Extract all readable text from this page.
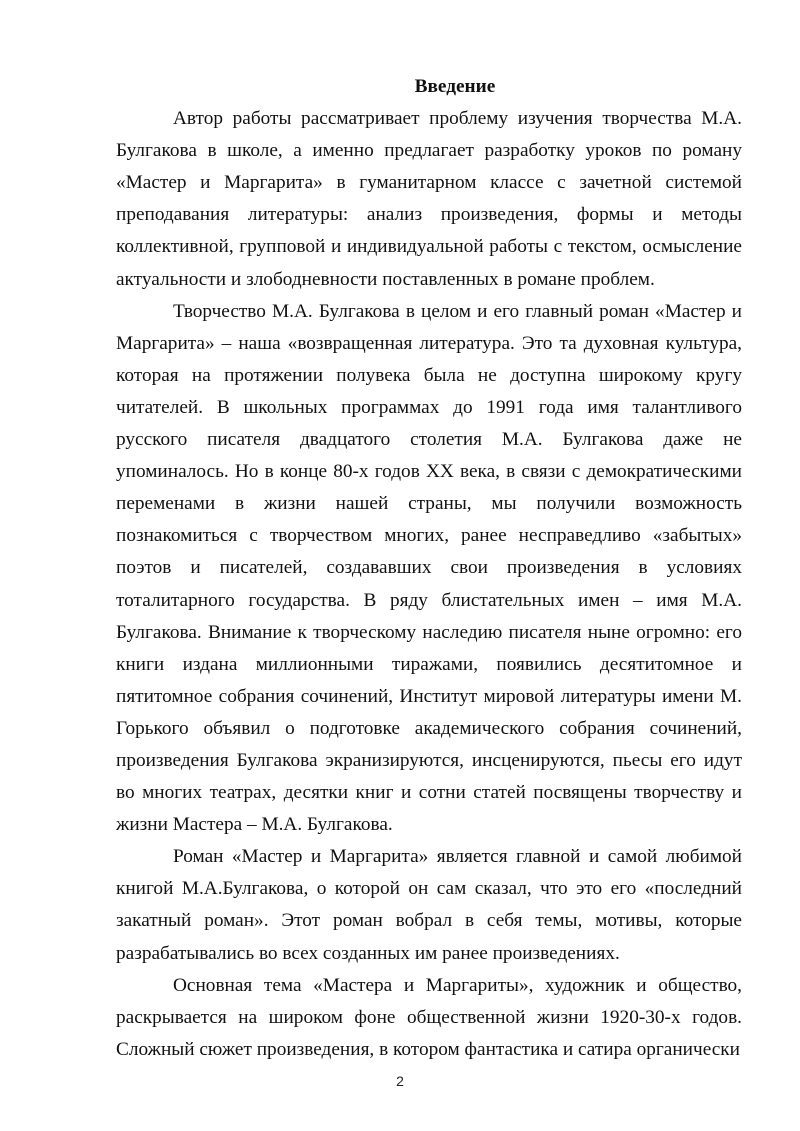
Введение

Автор работы рассматривает проблему изучения творчества М.А. Булгакова в школе, а именно предлагает разработку уроков по роману «Мастер и Маргарита» в гуманитарном классе с зачетной системой преподавания литературы: анализ произведения, формы и методы коллективной, групповой и индивидуальной работы с текстом, осмысление актуальности и злободневности поставленных в романе проблем.

Творчество М.А. Булгакова в целом и его главный роман «Мастер и Маргарита» – наша «возвращенная литература. Это та духовная культура, которая на протяжении полувека была не доступна широкому кругу читателей. В школьных программах до 1991 года имя талантливого русского писателя двадцатого столетия М.А. Булгакова даже не упоминалось. Но в конце 80-х годов XX века, в связи с демократическими переменами в жизни нашей страны, мы получили возможность познакомиться с творчеством многих, ранее несправедливо «забытых» поэтов и писателей, создававших свои произведения в условиях тоталитарного государства. В ряду блистательных имен – имя М.А. Булгакова. Внимание к творческому наследию писателя ныне огромно: его книги издана миллионными тиражами, появились десятитомное и пятитомное собрания сочинений, Институт мировой литературы имени М. Горького объявил о подготовке академического собрания сочинений, произведения Булгакова экранизируются, инсценируются, пьесы его идут во многих театрах, десятки книг и сотни статей посвящены творчеству и жизни Мастера – М.А. Булгакова.

Роман «Мастер и Маргарита» является главной и самой любимой книгой М.А.Булгакова, о которой он сам сказал, что это его «последний закатный роман». Этот роман вобрал в себя темы, мотивы, которые разрабатывались во всех созданных им ранее произведениях.

Основная тема «Мастера и Маргариты», художник и общество, раскрывается на широком фоне общественной жизни 1920-30-х годов. Сложный сюжет произведения, в котором фантастика и сатира органически

2
